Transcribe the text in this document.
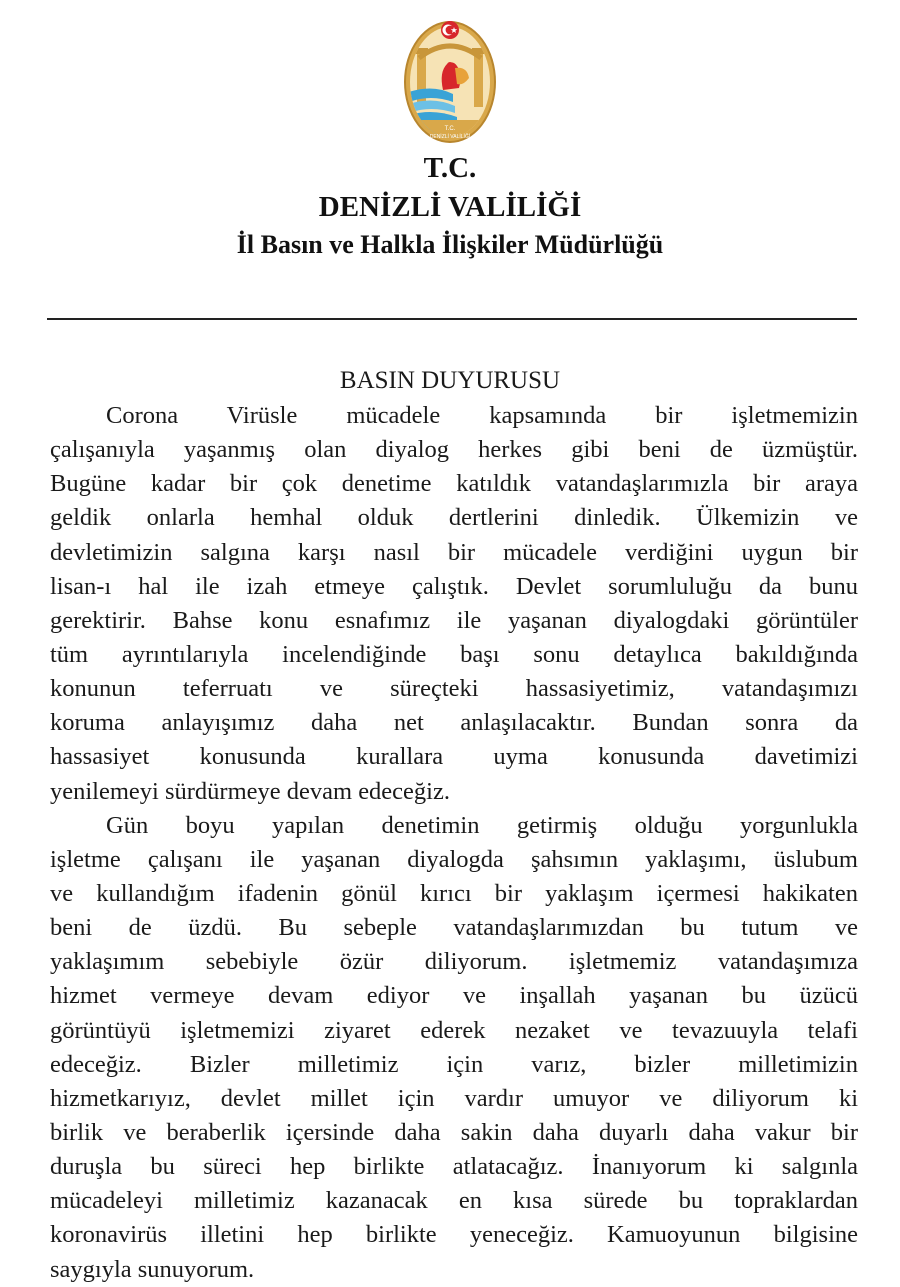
T.C.
DENİZLİ VALİLİĞİ
T.C.
DENİZLİ VALİLİĞİ
İl Basın ve Halkla İlişkiler Müdürlüğü
BASIN DUYURUSU
Corona Virüsle mücadele kapsamında bir işletmemizin
çalışanıyla yaşanmış olan diyalog herkes gibi beni de üzmüştür.
Bugüne kadar bir çok denetime katıldık vatandaşlarımızla bir araya
geldik onlarla hemhal olduk dertlerini dinledik. Ülkemizin ve
devletimizin salgına karşı nasıl bir mücadele verdiğini uygun bir
lisan-ı hal ile izah etmeye çalıştık. Devlet sorumluluğu da bunu
gerektirir. Bahse konu esnafımız ile yaşanan diyalogdaki görüntüler
tüm ayrıntılarıyla incelendiğinde başı sonu detaylıca bakıldığında
konunun teferruatı ve süreçteki hassasiyetimiz, vatandaşımızı
koruma anlayışımız daha net anlaşılacaktır. Bundan sonra da
hassasiyet konusunda kurallara uyma konusunda davetimizi
yenilemeyi sürdürmeye devam edeceğiz.
Gün boyu yapılan denetimin getirmiş olduğu yorgunlukla
işletme çalışanı ile yaşanan diyalogda şahsımın yaklaşımı, üslubum
ve kullandığım ifadenin gönül kırıcı bir yaklaşım içermesi hakikaten
beni de üzdü. Bu sebeple vatandaşlarımızdan bu tutum ve
yaklaşımım sebebiyle özür diliyorum. işletmemiz vatandaşımıza
hizmet vermeye devam ediyor ve inşallah yaşanan bu üzücü
görüntüyü işletmemizi ziyaret ederek nezaket ve tevazuuyla telafi
edeceğiz. Bizler milletimiz için varız, bizler milletimizin
hizmetkarıyız, devlet millet için vardır umuyor ve diliyorum ki
birlik ve beraberlik içersinde daha sakin daha duyarlı daha vakur bir
duruşla bu süreci hep birlikte atlatacağız. İnanıyorum ki salgınla
mücadeleyi milletimiz kazanacak en kısa sürede bu topraklardan
koronavirüs illetini hep birlikte yeneceğiz. Kamuoyunun bilgisine
saygıyla sunuyorum.
